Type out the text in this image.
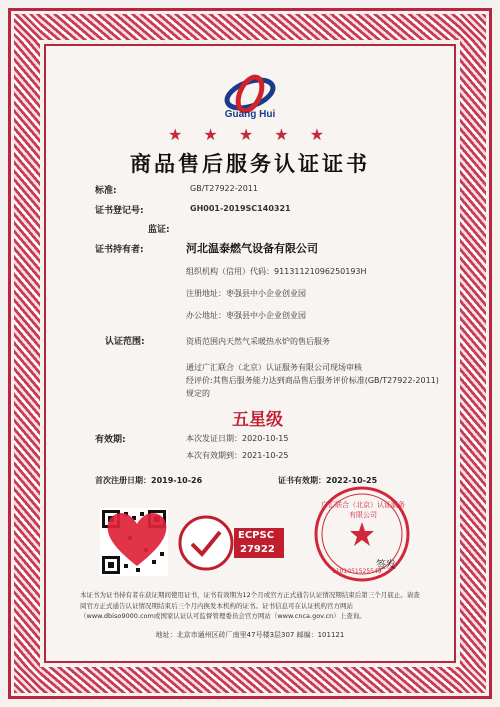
Guang Hui
★ ★ ★ ★ ★
商品售后服务认证证书
标准:	GB/T27922-2011
证书登记号:	GH001-2019SC140321
监证:
证书持有者:	河北温泰燃气设备有限公司
组织机构（信用）代码：91131121096250193H
注册地址：枣强县中小企业创业园
办公地址：枣强县中小企业创业园
认证范围:	资质范围内天然气采暖热水炉的售后服务
通过广汇联合（北京）认证服务有限公司现场审核
经评价:其售后服务能力达到商品售后服务评价标准(GB/T27922-2011)
规定的
五星级
有效期:	本次发证日期：2020-10-15
本次有效期到：2021-10-25
首次注册日期：2019-10-26	证书有效期：2022-10-25
ECPSC
27922
广汇联合（北京）认证服务有限公司
1101051525549
签发
本证书为证书持有者在获证期间使用证书，证书有效期为12个月或官方正式通告认证情况期结束后第三个月底止。请查阅官方正式通告认证情况期结束后三个月内换发本机构的证书。证书信息可在认证机构官方网站（www.dbiso9000.com或国家认证认可监督管理委员会官方网站（www.cnca.gov.cn）上查询。
地址：北京市通州区砖厂南里47号楼3层307 邮编：101121
